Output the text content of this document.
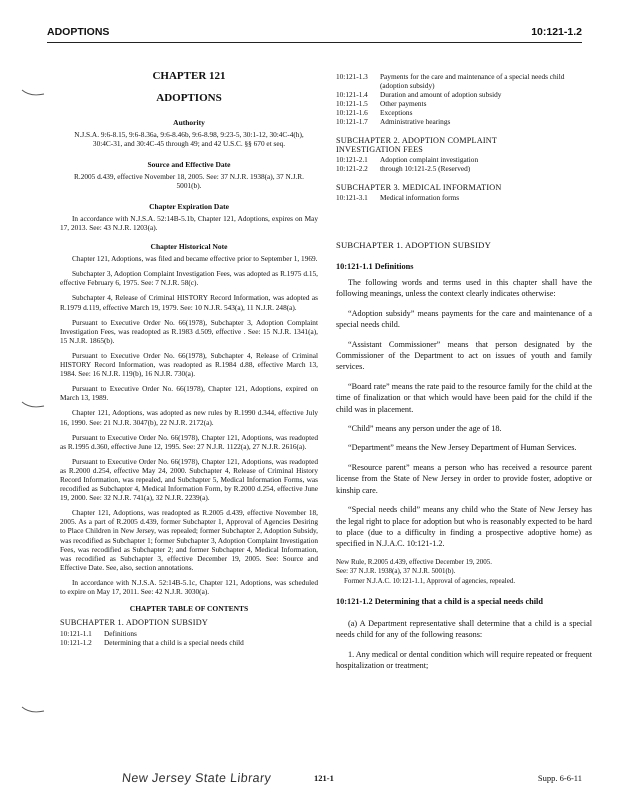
ADOPTIONS	10:121-1.2
CHAPTER 121
ADOPTIONS
Authority
N.J.S.A. 9:6-8.15, 9:6-8.36a, 9:6-8.46b, 9:6-8.98, 9:23-5, 30:1-12, 30:4C-4(h), 30:4C-31, and 30:4C-45 through 49; and 42 U.S.C. §§ 670 et seq.
Source and Effective Date
R.2005 d.439, effective November 18, 2005. See: 37 N.J.R. 1938(a), 37 N.J.R. 5001(b).
Chapter Expiration Date
In accordance with N.J.S.A. 52:14B-5.1b, Chapter 121, Adoptions, expires on May 17, 2013. See: 43 N.J.R. 1203(a).
Chapter Historical Note
Chapter 121, Adoptions, was filed and became effective prior to September 1, 1969.
Subchapter 3, Adoption Complaint Investigation Fees, was adopted as R.1975 d.15, effective February 6, 1975. See: 7 N.J.R. 58(c).
Subchapter 4, Release of Criminal HISTORY Record Information, was adopted as R.1979 d.119, effective March 19, 1979. See: 10 N.J.R. 543(a), 11 N.J.R. 248(a).
Pursuant to Executive Order No. 66(1978), Subchapter 3, Adoption Complaint Investigation Fees, was readopted as R.1983 d.509, effective . See: 15 N.J.R. 1341(a), 15 N.J.R. 1865(b).
Pursuant to Executive Order No. 66(1978), Subchapter 4, Release of Criminal HISTORY Record Information, was readopted as R.1984 d.88, effective March 13, 1984. See: 16 N.J.R. 119(b), 16 N.J.R. 730(a).
Pursuant to Executive Order No. 66(1978), Chapter 121, Adoptions, expired on March 13, 1989.
Chapter 121, Adoptions, was adopted as new rules by R.1990 d.344, effective July 16, 1990. See: 21 N.J.R. 3047(b), 22 N.J.R. 2172(a).
Pursuant to Executive Order No. 66(1978), Chapter 121, Adoptions, was readopted as R.1995 d.360, effective June 12, 1995. See: 27 N.J.R. 1122(a), 27 N.J.R. 2616(a).
Pursuant to Executive Order No. 66(1978), Chapter 121, Adoptions, was readopted as R.2000 d.254, effective May 24, 2000. Subchapter 4, Release of Criminal History Record Information, was repealed, and Subchapter 5, Medical Information Forms, was recodified as Subchapter 4, Medical Information Form, by R.2000 d.254, effective June 19, 2000. See: 32 N.J.R. 741(a), 32 N.J.R. 2239(a).
Chapter 121, Adoptions, was readopted as R.2005 d.439, effective November 18, 2005. As a part of R.2005 d.439, former Subchapter 1, Approval of Agencies Desiring to Place Children in New Jersey, was repealed; former Subchapter 2, Adoption Subsidy, was recodified as Subchapter 1; former Subchapter 3, Adoption Complaint Investigation Fees, was recodified as Subchapter 2; and former Subchapter 4, Medical Information, was recodified as Subchapter 3, effective December 19, 2005. See: Source and Effective Date. See, also, section annotations.
In accordance with N.J.S.A. 52:14B-5.1c, Chapter 121, Adoptions, was scheduled to expire on May 17, 2011. See: 42 N.J.R. 3030(a).
CHAPTER TABLE OF CONTENTS
SUBCHAPTER 1. ADOPTION SUBSIDY
10:121-1.1	Definitions
10:121-1.2	Determining that a child is a special needs child
10:121-1.3	Payments for the care and maintenance of a special needs child (adoption subsidy)
10:121-1.4	Duration and amount of adoption subsidy
10:121-1.5	Other payments
10:121-1.6	Exceptions
10:121-1.7	Administrative hearings
SUBCHAPTER 2. ADOPTION COMPLAINT INVESTIGATION FEES
10:121-2.1	Adoption complaint investigation
10:121-2.2	through 10:121-2.5 (Reserved)
SUBCHAPTER 3. MEDICAL INFORMATION
10:121-3.1	Medical information forms
SUBCHAPTER 1. ADOPTION SUBSIDY
10:121-1.1 Definitions
The following words and terms used in this chapter shall have the following meanings, unless the context clearly indicates otherwise:
“Adoption subsidy” means payments for the care and maintenance of a special needs child.
“Assistant Commissioner” means that person designated by the Commissioner of the Department to act on issues of youth and family services.
“Board rate” means the rate paid to the resource family for the child at the time of finalization or that which would have been paid for the child if the child was in placement.
“Child” means any person under the age of 18.
“Department” means the New Jersey Department of Human Services.
“Resource parent” means a person who has received a resource parent license from the State of New Jersey in order to provide foster, adoptive or kinship care.
“Special needs child” means any child who the State of New Jersey has the legal right to place for adoption but who is reasonably expected to be hard to place (due to a difficulty in finding a prospective adoptive home) as specified in N.J.A.C. 10:121-1.2.
New Rule, R.2005 d.439, effective December 19, 2005.
See: 37 N.J.R. 1938(a), 37 N.J.R. 5001(b).
Former N.J.A.C. 10:121-1.1, Approval of agencies, repealed.
10:121-1.2 Determining that a child is a special needs child
(a) A Department representative shall determine that a child is a special needs child for any of the following reasons:
1. Any medical or dental condition which will require repeated or frequent hospitalization or treatment;
New Jersey State Library	121-1	Supp. 6-6-11
